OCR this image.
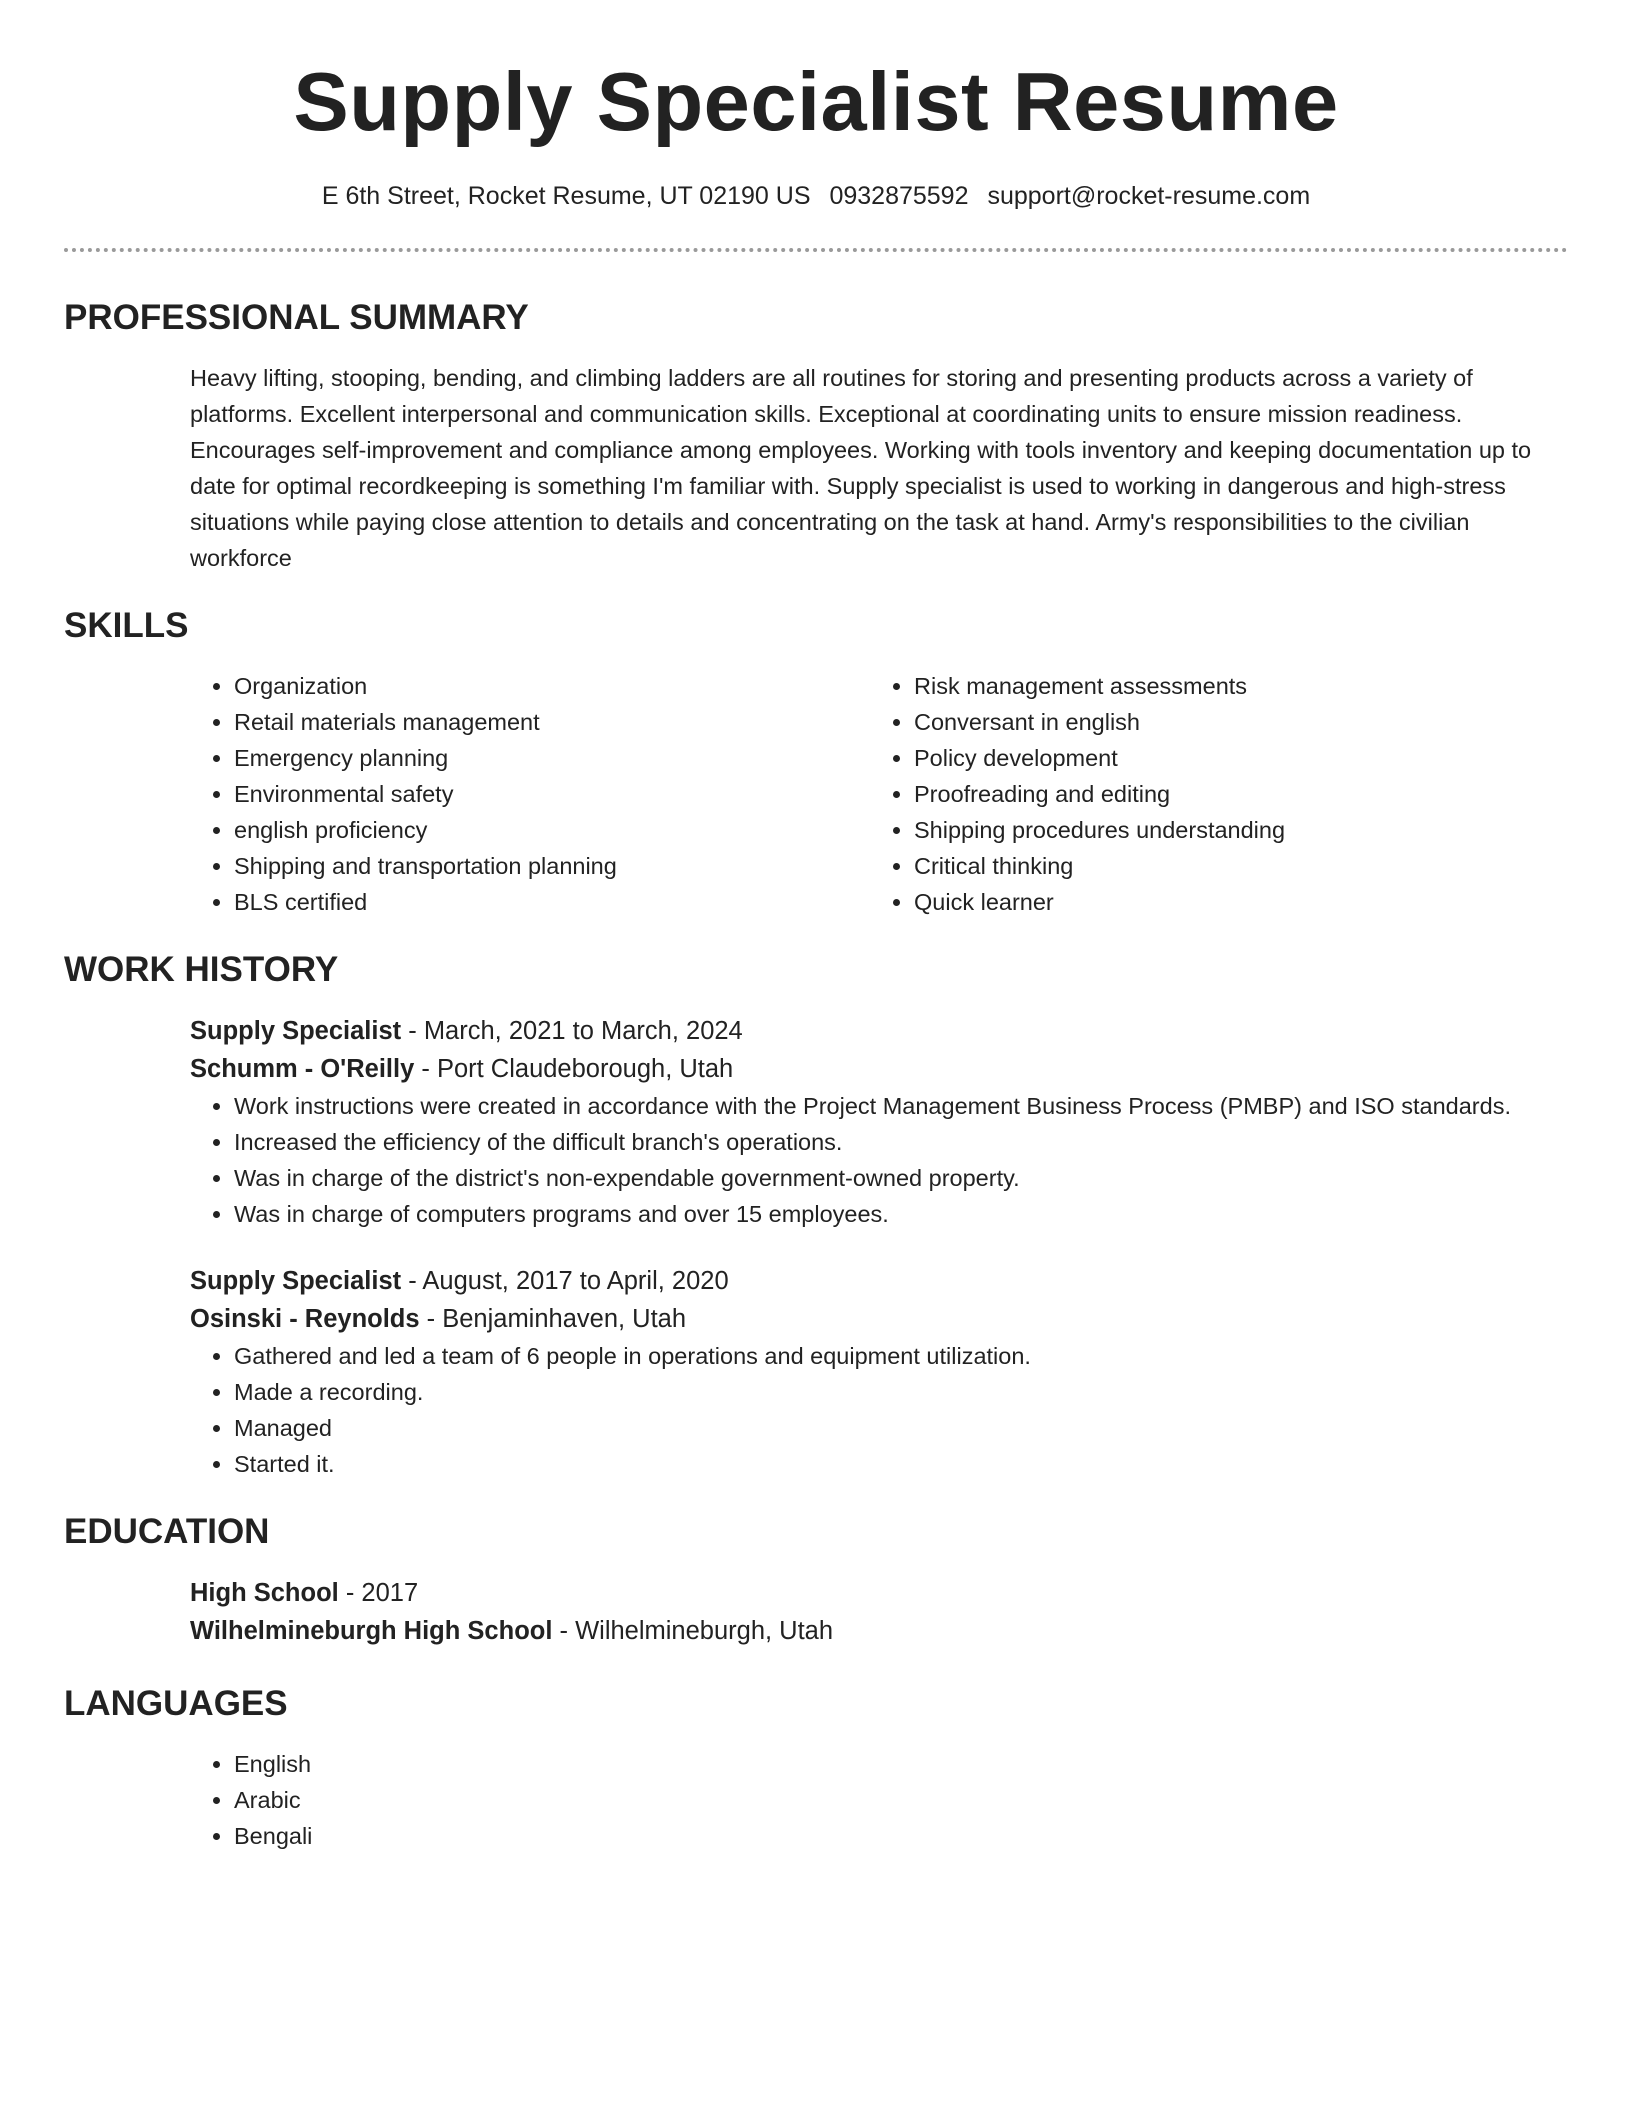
Supply Specialist Resume
E 6th Street, Rocket Resume, UT 02190 US 0932875592 support@rocket-resume.com
PROFESSIONAL SUMMARY

Heavy lifting, stooping, bending, and climbing ladders are all routines for storing and presenting products across a variety of platforms. Excellent interpersonal and communication skills. Exceptional at coordinating units to ensure mission readiness. Encourages self-improvement and compliance among employees. Working with tools inventory and keeping documentation up to date for optimal recordkeeping is something I'm familiar with. Supply specialist is used to working in dangerous and high-stress situations while paying close attention to details and concentrating on the task at hand. Army's responsibilities to the civilian workforce

SKILLS
• Organization
• Retail materials management
• Emergency planning
• Environmental safety
• english proficiency
• Shipping and transportation planning
• BLS certified
• Risk management assessments
• Conversant in english
• Policy development
• Proofreading and editing
• Shipping procedures understanding
• Critical thinking
• Quick learner
WORK HISTORY
Supply Specialist - March, 2021 to March, 2024
Schumm - O'Reilly - Port Claudeborough, Utah
• Work instructions were created in accordance with the Project Management Business Process (PMBP) and ISO standards.
• Increased the efficiency of the difficult branch's operations.
• Was in charge of the district's non-expendable government-owned property.
• Was in charge of computers programs and over 15 employees.
Supply Specialist - August, 2017 to April, 2020
Osinski - Reynolds - Benjaminhaven, Utah
• Gathered and led a team of 6 people in operations and equipment utilization.
• Made a recording.
• Managed
• Started it.
EDUCATION
High School - 2017
Wilhelmineburgh High School - Wilhelmineburgh, Utah
LANGUAGES
• English
• Arabic
• Bengali
